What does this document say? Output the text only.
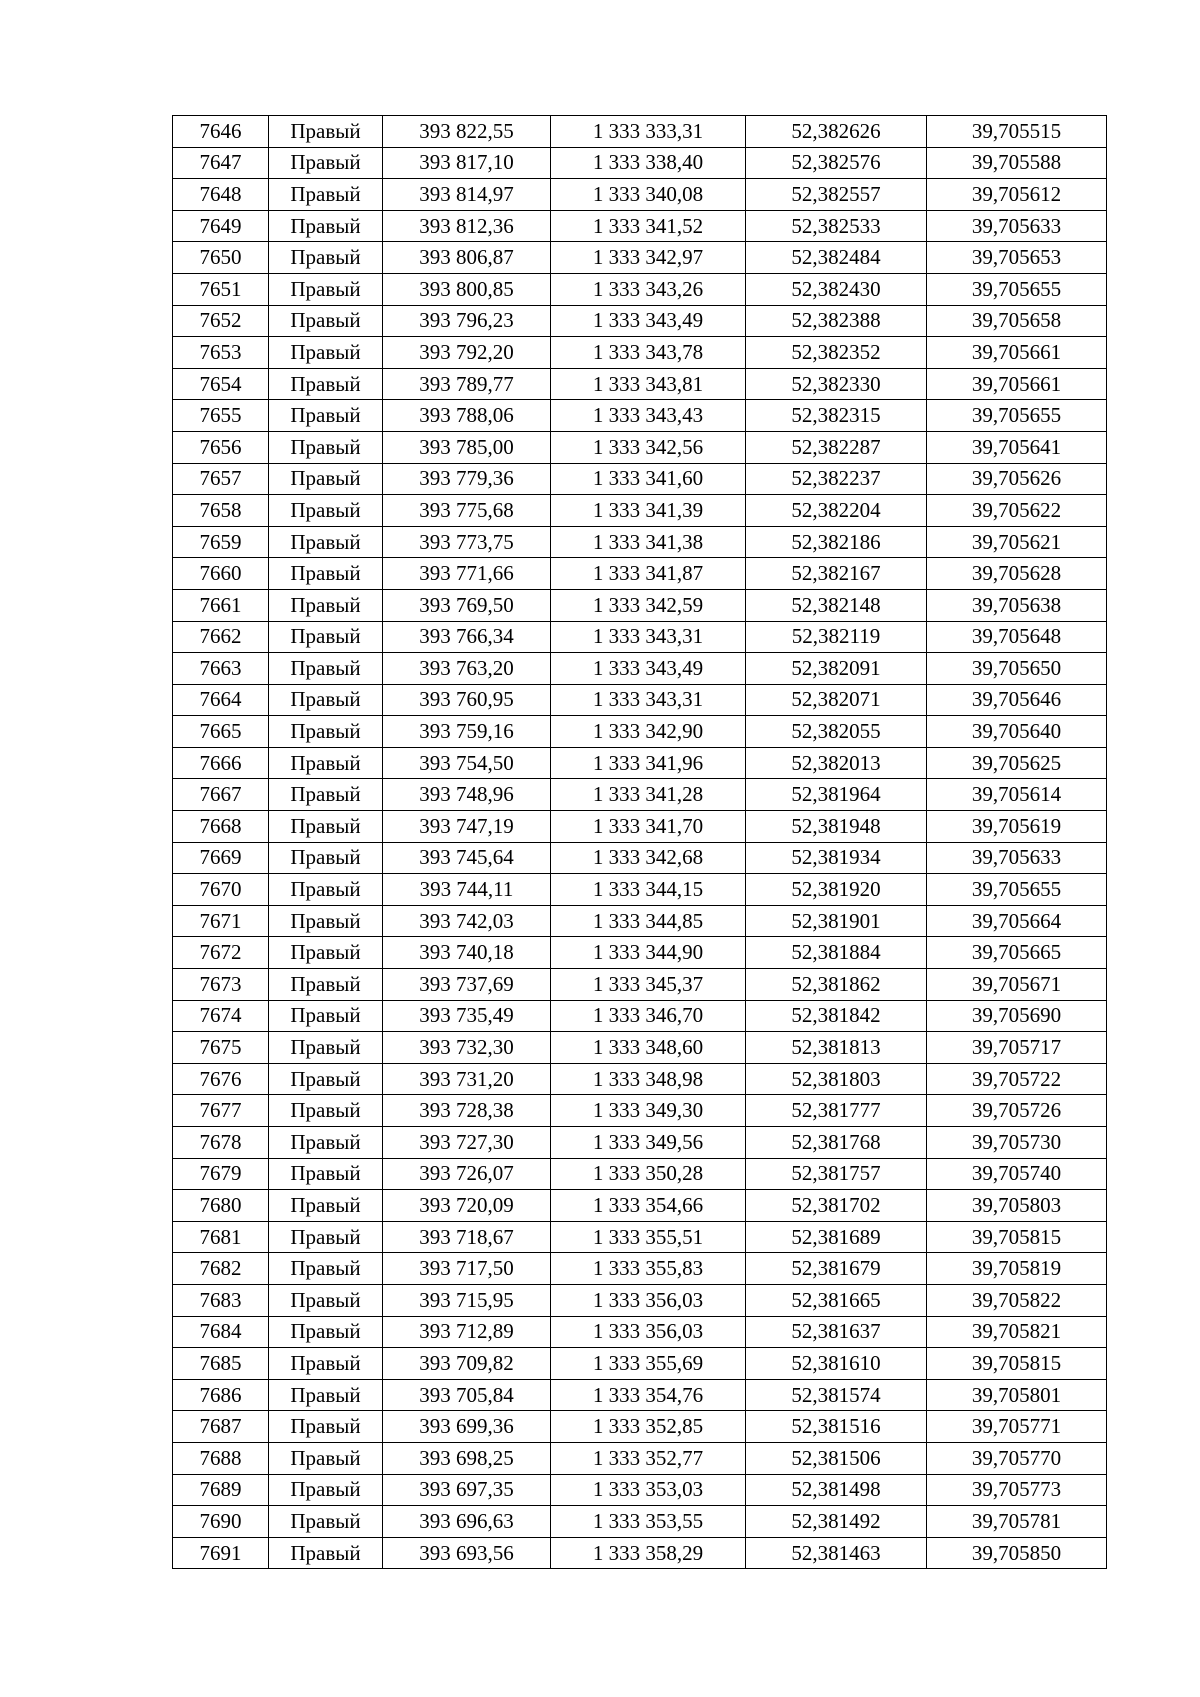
7646	Правый	393 822,55	1 333 333,31	52,382626	39,705515
7647	Правый	393 817,10	1 333 338,40	52,382576	39,705588
7648	Правый	393 814,97	1 333 340,08	52,382557	39,705612
7649	Правый	393 812,36	1 333 341,52	52,382533	39,705633
7650	Правый	393 806,87	1 333 342,97	52,382484	39,705653
7651	Правый	393 800,85	1 333 343,26	52,382430	39,705655
7652	Правый	393 796,23	1 333 343,49	52,382388	39,705658
7653	Правый	393 792,20	1 333 343,78	52,382352	39,705661
7654	Правый	393 789,77	1 333 343,81	52,382330	39,705661
7655	Правый	393 788,06	1 333 343,43	52,382315	39,705655
7656	Правый	393 785,00	1 333 342,56	52,382287	39,705641
7657	Правый	393 779,36	1 333 341,60	52,382237	39,705626
7658	Правый	393 775,68	1 333 341,39	52,382204	39,705622
7659	Правый	393 773,75	1 333 341,38	52,382186	39,705621
7660	Правый	393 771,66	1 333 341,87	52,382167	39,705628
7661	Правый	393 769,50	1 333 342,59	52,382148	39,705638
7662	Правый	393 766,34	1 333 343,31	52,382119	39,705648
7663	Правый	393 763,20	1 333 343,49	52,382091	39,705650
7664	Правый	393 760,95	1 333 343,31	52,382071	39,705646
7665	Правый	393 759,16	1 333 342,90	52,382055	39,705640
7666	Правый	393 754,50	1 333 341,96	52,382013	39,705625
7667	Правый	393 748,96	1 333 341,28	52,381964	39,705614
7668	Правый	393 747,19	1 333 341,70	52,381948	39,705619
7669	Правый	393 745,64	1 333 342,68	52,381934	39,705633
7670	Правый	393 744,11	1 333 344,15	52,381920	39,705655
7671	Правый	393 742,03	1 333 344,85	52,381901	39,705664
7672	Правый	393 740,18	1 333 344,90	52,381884	39,705665
7673	Правый	393 737,69	1 333 345,37	52,381862	39,705671
7674	Правый	393 735,49	1 333 346,70	52,381842	39,705690
7675	Правый	393 732,30	1 333 348,60	52,381813	39,705717
7676	Правый	393 731,20	1 333 348,98	52,381803	39,705722
7677	Правый	393 728,38	1 333 349,30	52,381777	39,705726
7678	Правый	393 727,30	1 333 349,56	52,381768	39,705730
7679	Правый	393 726,07	1 333 350,28	52,381757	39,705740
7680	Правый	393 720,09	1 333 354,66	52,381702	39,705803
7681	Правый	393 718,67	1 333 355,51	52,381689	39,705815
7682	Правый	393 717,50	1 333 355,83	52,381679	39,705819
7683	Правый	393 715,95	1 333 356,03	52,381665	39,705822
7684	Правый	393 712,89	1 333 356,03	52,381637	39,705821
7685	Правый	393 709,82	1 333 355,69	52,381610	39,705815
7686	Правый	393 705,84	1 333 354,76	52,381574	39,705801
7687	Правый	393 699,36	1 333 352,85	52,381516	39,705771
7688	Правый	393 698,25	1 333 352,77	52,381506	39,705770
7689	Правый	393 697,35	1 333 353,03	52,381498	39,705773
7690	Правый	393 696,63	1 333 353,55	52,381492	39,705781
7691	Правый	393 693,56	1 333 358,29	52,381463	39,705850
